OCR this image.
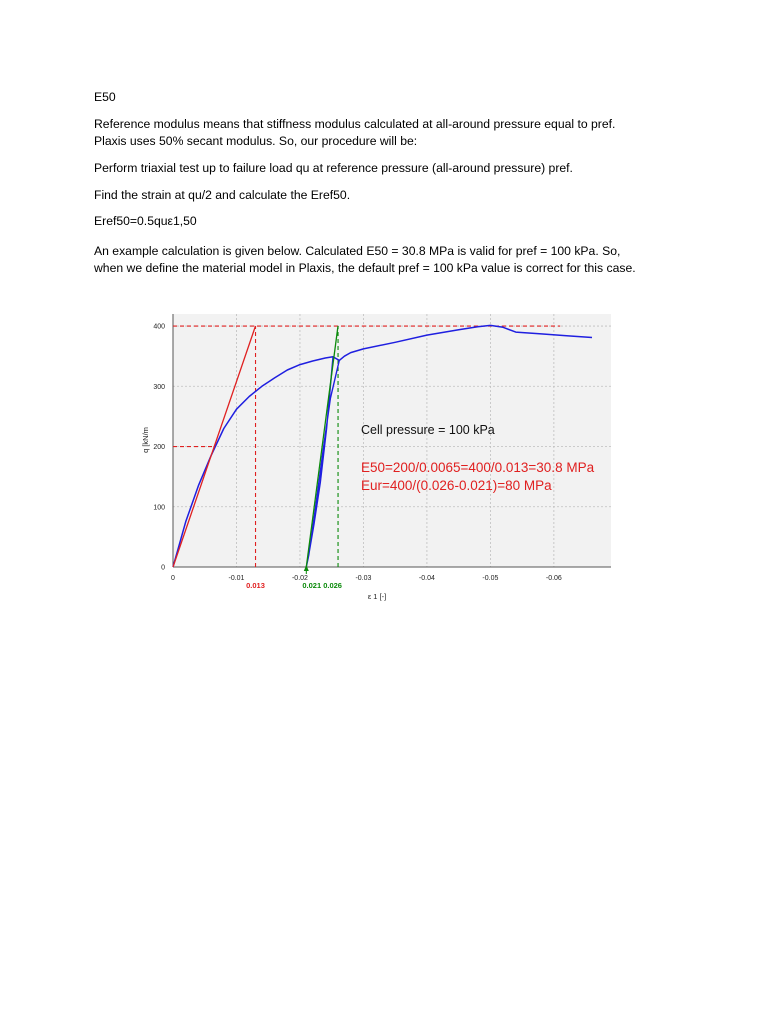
E50
Reference modulus means that stiffness modulus calculated at all-around pressure equal to pref.
Plaxis uses 50% secant modulus. So, our procedure will be:
Perform triaxial test up to failure load qu at reference pressure (all-around pressure) pref.
Find the strain at qu/2 and calculate the Eref50.
Eref50=0.5quε1,50
An example calculation is given below. Calculated E50 = 30.8 MPa is valid for pref = 100 kPa. So,
when we define the material model in Plaxis, the default pref = 100 kPa value is correct for this case.
0	-0.01	-0.02	-0.03	-0.04	-0.05	-0.06
0
100
200
300
400
ε 1 [-]
q [kN/m	Cell pressure = 100 kPa
E50=200/0.0065=400/0.013=30.8 MPa
Eur=400/(0.026-0.021)=80 MPa
0.013	0.021 0.026
